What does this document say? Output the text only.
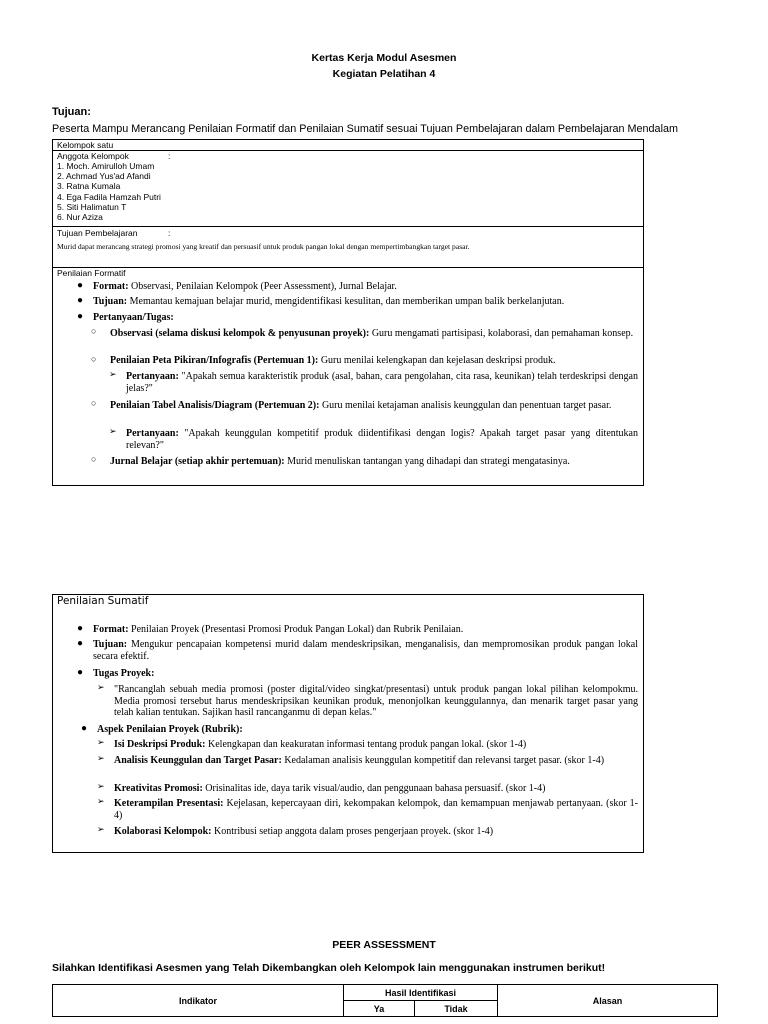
Kertas Kerja Modul Asesmen
Kegiatan Pelatihan 4
Tujuan:
Peserta Mampu Merancang Penilaian Formatif dan Penilaian Sumatif sesuai Tujuan Pembelajaran dalam Pembelajaran Mendalam
Kelompok satu
Anggota Kelompok	:
1. Moch. Amirulloh Umam
2. Achmad Yus'ad Afandi
3. Ratna Kumala
4. Ega Fadila Hamzah Putri
5. Siti Halimatun T
6. Nur Aziza
Tujuan Pembelajaran	:
Murid dapat merancang strategi promosi yang kreatif dan persuasif untuk produk pangan lokal dengan mempertimbangkan target pasar.
Penilaian Formatif
● Format: Observasi, Penilaian Kelompok (Peer Assessment), Jurnal Belajar.
● Tujuan: Memantau kemajuan belajar murid, mengidentifikasi kesulitan, dan memberikan umpan balik berkelanjutan.
● Pertanyaan/Tugas:
○ Observasi (selama diskusi kelompok & penyusunan proyek): Guru mengamati partisipasi, kolaborasi, dan pemahaman konsep.
○ Penilaian Peta Pikiran/Infografis (Pertemuan 1): Guru menilai kelengkapan dan kejelasan deskripsi produk.
➢ Pertanyaan: "Apakah semua karakteristik produk (asal, bahan, cara pengolahan, cita rasa, keunikan) telah terdeskripsi dengan jelas?"
○ Penilaian Tabel Analisis/Diagram (Pertemuan 2): Guru menilai ketajaman analisis keunggulan dan penentuan target pasar.
➢ Pertanyaan: "Apakah keunggulan kompetitif produk diidentifikasi dengan logis? Apakah target pasar yang ditentukan relevan?"
○ Jurnal Belajar (setiap akhir pertemuan): Murid menuliskan tantangan yang dihadapi dan strategi mengatasinya.
Penilaian Sumatif
● Format: Penilaian Proyek (Presentasi Promosi Produk Pangan Lokal) dan Rubrik Penilaian.
● Tujuan: Mengukur pencapaian kompetensi murid dalam mendeskripsikan, menganalisis, dan mempromosikan produk pangan lokal secara efektif.
● Tugas Proyek:
➢ "Rancanglah sebuah media promosi (poster digital/video singkat/presentasi) untuk produk pangan lokal pilihan kelompokmu. Media promosi tersebut harus mendeskripsikan keunikan produk, menonjolkan keunggulannya, dan menarik target pasar yang telah kalian tentukan. Sajikan hasil rancanganmu di depan kelas."
● Aspek Penilaian Proyek (Rubrik):
➢ Isi Deskripsi Produk: Kelengkapan dan keakuratan informasi tentang produk pangan lokal. (skor 1-4)
➢ Analisis Keunggulan dan Target Pasar: Kedalaman analisis keunggulan kompetitif dan relevansi target pasar. (skor 1-4)
➢ Kreativitas Promosi: Orisinalitas ide, daya tarik visual/audio, dan penggunaan bahasa persuasif. (skor 1-4)
➢ Keterampilan Presentasi: Kejelasan, kepercayaan diri, kekompakan kelompok, dan kemampuan menjawab pertanyaan. (skor 1-4)
➢ Kolaborasi Kelompok: Kontribusi setiap anggota dalam proses pengerjaan proyek. (skor 1-4)
PEER ASSESSMENT
Silahkan Identifikasi Asesmen yang Telah Dikembangkan oleh Kelompok lain menggunakan instrumen berikut!
Indikator	Hasil Identifikasi		Alasan
	Ya	Tidak	
